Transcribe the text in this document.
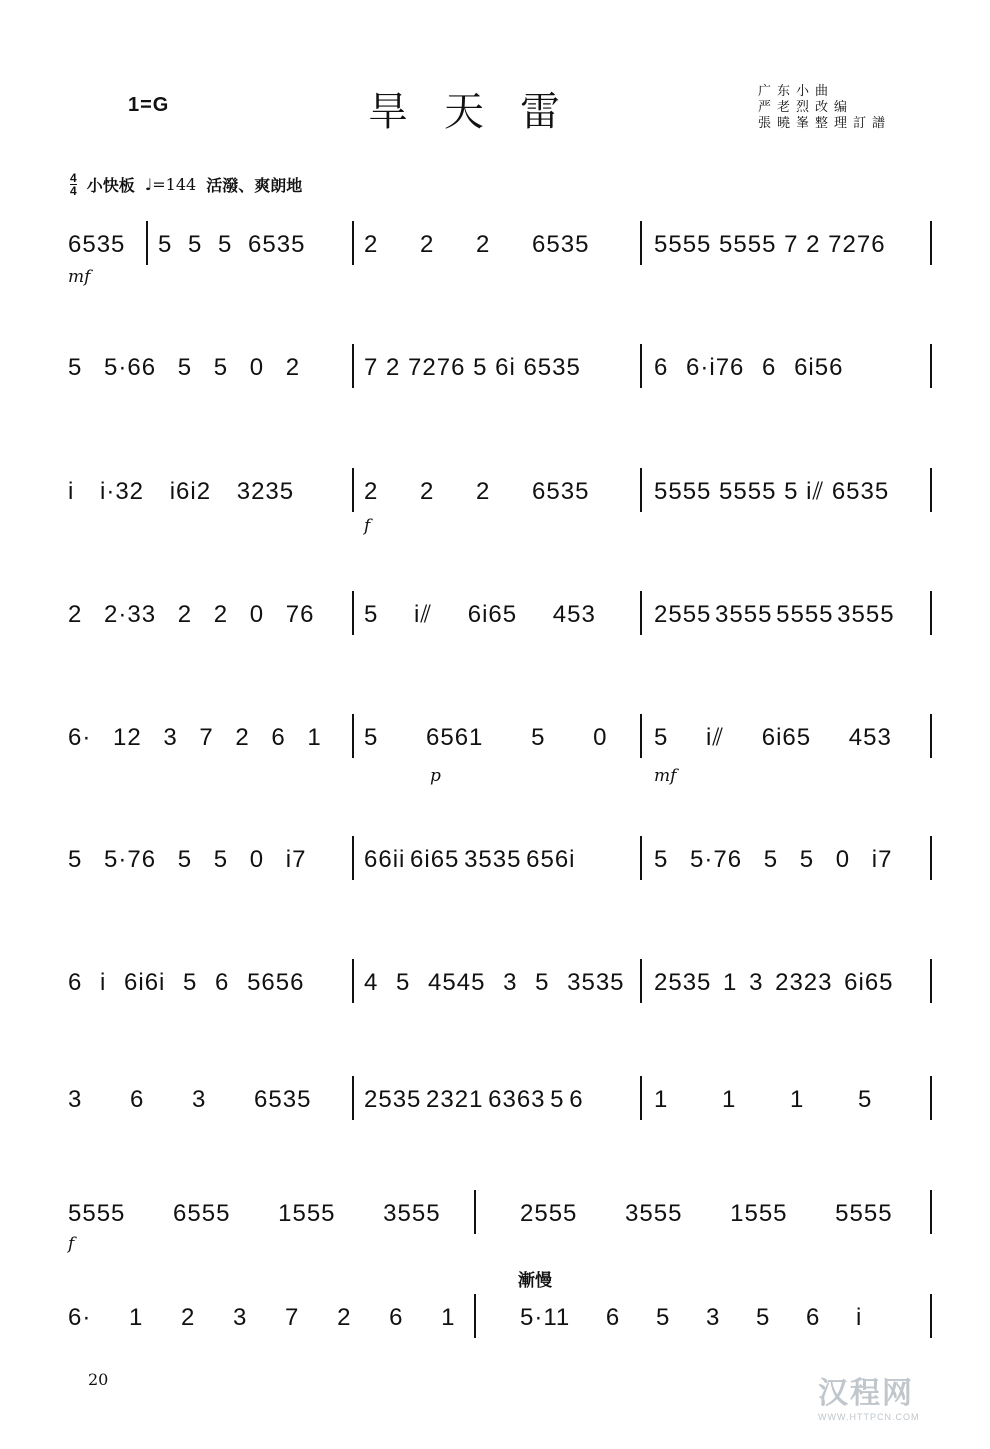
1=G	旱天雷	广东小曲
严老烈改编
張曉峯整理訂譜
4
4 小快板 ♩=144 活潑、爽朗地
6535	5 5 5 6535	2 2 2 6535	5555 5555 7 2 7276
mf
5 5·66 5 5 0 2	7 2 7276 5 6i 6535	6 6·i76 6 6i56
i i·32 i6i2 3235	2 2 2 6535	5555 5555 5 i⫽ 6535
f
2 2·33 2 2 0 76	5 i⫽ 6i65 453	2555 3555 5555 3555
6· 12 3 7 2 6 1	5 6561 5 0	5 i⫽ 6i65 453
p	mf
5 5·76 5 5 0 i7	66ii 6i65 3535 656i	5 5·76 5 5 0 i7
6 i 6i6i 5 6 5656	4 5 4545 3 5 3535	2535 1 3 2323 6i65
3 6 3 6535	2535 2321 6363 5 6	1 1 1 5
5555 6555 1555 3555	2555 3555 1555 5555
f
漸慢
6· 1 2 3 7 2 6 1	5·11 6 5 3 5 6 i
20	汉程网
WWW.HTTPCN.COM
